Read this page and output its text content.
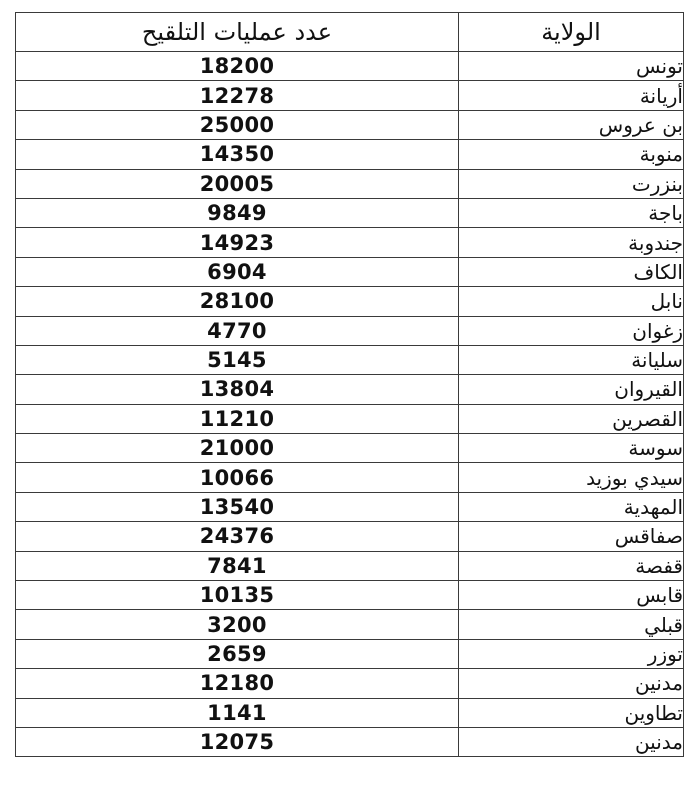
عدد عمليات التلقيح	الولاية
18200	تونس
12278	أريانة
25000	بن عروس
14350	منوبة
20005	بنزرت
9849	باجة
14923	جندوبة
6904	الكاف
28100	نابل
4770	زغوان
5145	سليانة
13804	القيروان
11210	القصرين
21000	سوسة
10066	سيدي بوزيد
13540	المهدية
24376	صفاقس
7841	قفصة
10135	قابس
3200	قبلي
2659	توزر
12180	مدنين
1141	تطاوين
12075	مدنين
